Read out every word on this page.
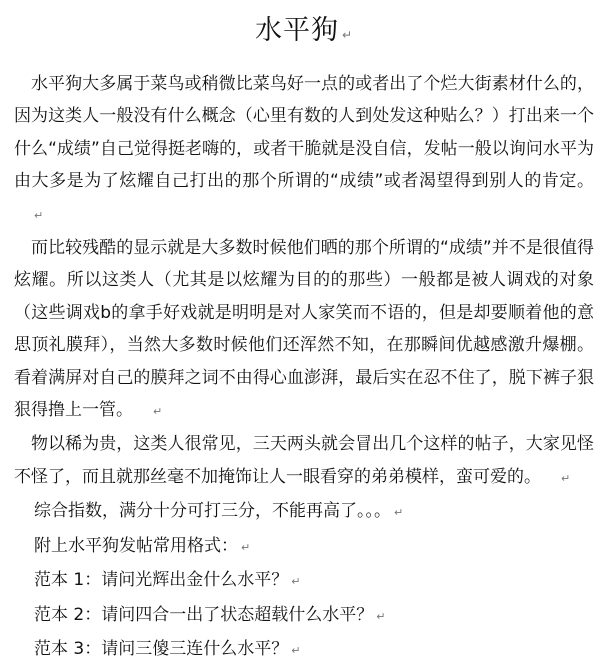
水平狗 ↵

水平狗大多属于菜鸟或稍微比菜鸟好一点的或者出了个烂大街素材什么的，因为这类人一般没有什么概念（心里有数的人到处发这种贴么？）打出来一个什么“成绩”自己觉得挺老嗨的，或者干脆就是没自信，发帖一般以询问水平为由大多是为了炫耀自己打出的那个所谓的“成绩”或者渴望得到别人的肯定。↵

而比较残酷的显示就是大多数时候他们晒的那个所谓的“成绩”并不是很值得炫耀。所以这类人（尤其是以炫耀为目的的那些）一般都是被人调戏的对象（这些调戏b的拿手好戏就是明明是对人家笑而不语的，但是却要顺着他的意思顶礼膜拜），当然大多数时候他们还浑然不知，在那瞬间优越感激升爆棚。看着满屏对自己的膜拜之词不由得心血澎湃，最后实在忍不住了，脱下裤子狠狠得撸上一管。 ↵

物以稀为贵，这类人很常见，三天两头就会冒出几个这样的帖子，大家见怪不怪了，而且就那丝毫不加掩饰让人一眼看穿的弟弟模样，蛮可爱的。 ↵

综合指数，满分十分可打三分，不能再高了。。。 ↵

附上水平狗发帖常用格式： ↵

范本 1：请问光辉出金什么水平？ ↵

范本 2：请问四合一出了状态超载什么水平？ ↵

范本 3：请问三傻三连什么水平？ ↵
